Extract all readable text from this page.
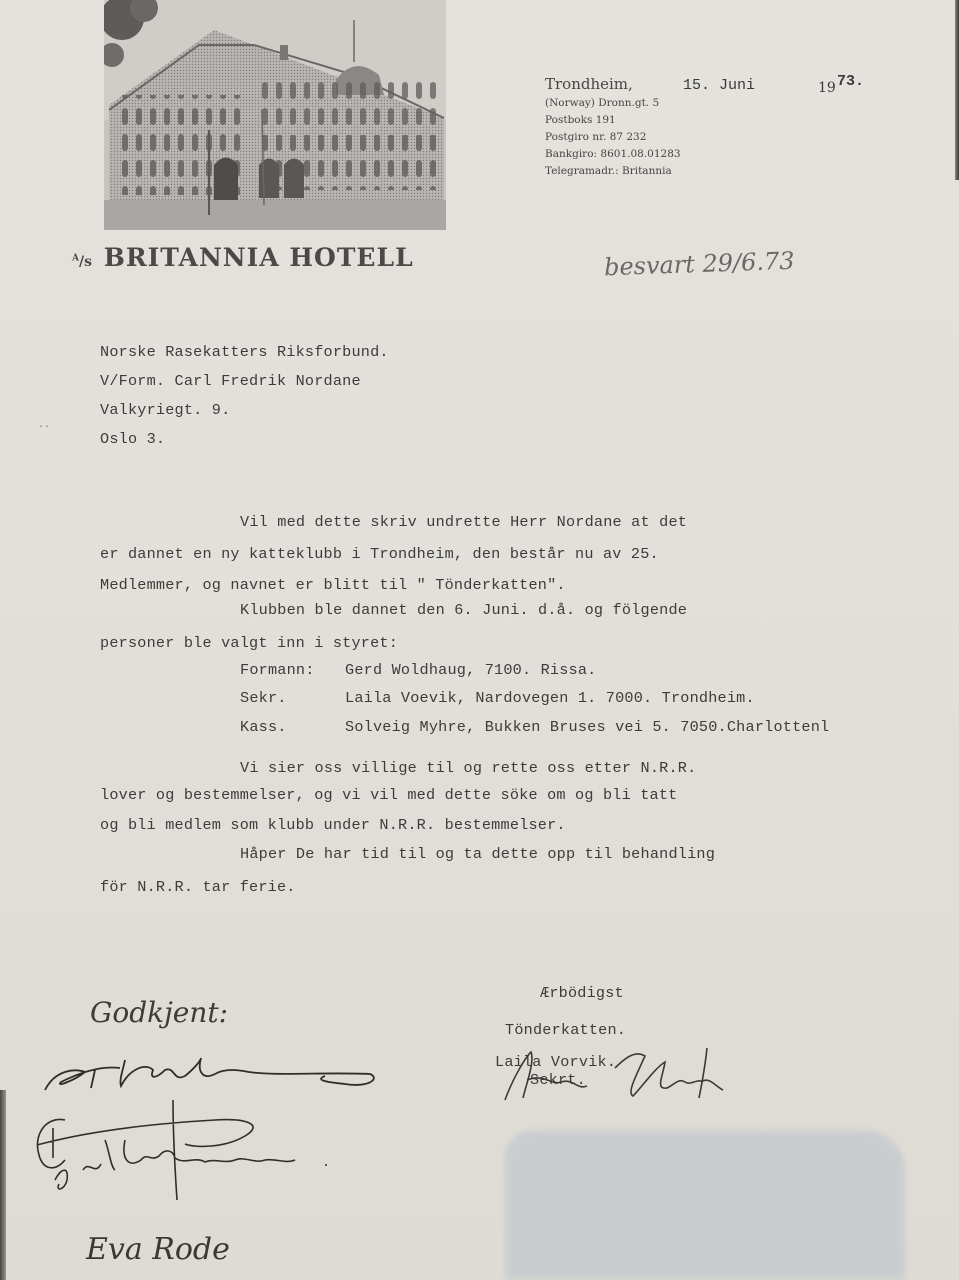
$^A$/s BRITANNIA HOTELL
Trondheim,	15. Juni	19 73.
(Norway) Dronn.gt. 5
Postboks 191
Postgiro nr. 87 232
Bankgiro: 8601.08.01283
Telegramadr.: Britannia
besvart 29/6.73
··
Norske Rasekatters Riksforbund.
V/Form. Carl Fredrik Nordane
Valkyriegt. 9.
Oslo 3.
Vil med dette skriv undrette Herr Nordane at det
er dannet en ny katteklubb i Trondheim, den består nu av 25.
Medlemmer, og navnet er blitt til " Tönderkatten".
Klubben ble dannet den 6. Juni. d.å. og fölgende
personer ble valgt inn i styret:
Formann: Gerd Woldhaug, 7100. Rissa.
Sekr.	Laila Voevik, Nardovegen 1. 7000. Trondheim.
Kass.	Solveig Myhre, Bukken Bruses vei 5. 7050.Charlottenl
Vi sier oss villige til og rette oss etter N.R.R.
lover og bestemmelser, og vi vil med dette söke om og bli tatt
og bli medlem som klubb under N.R.R. bestemmelser.
Håper De har tid til og ta dette opp til behandling
för N.R.R. tar ferie.
Ærbödigst
Tönderkatten.
Laila Vorvik.
Sekrt.
Godkjent:
Eva Rode
